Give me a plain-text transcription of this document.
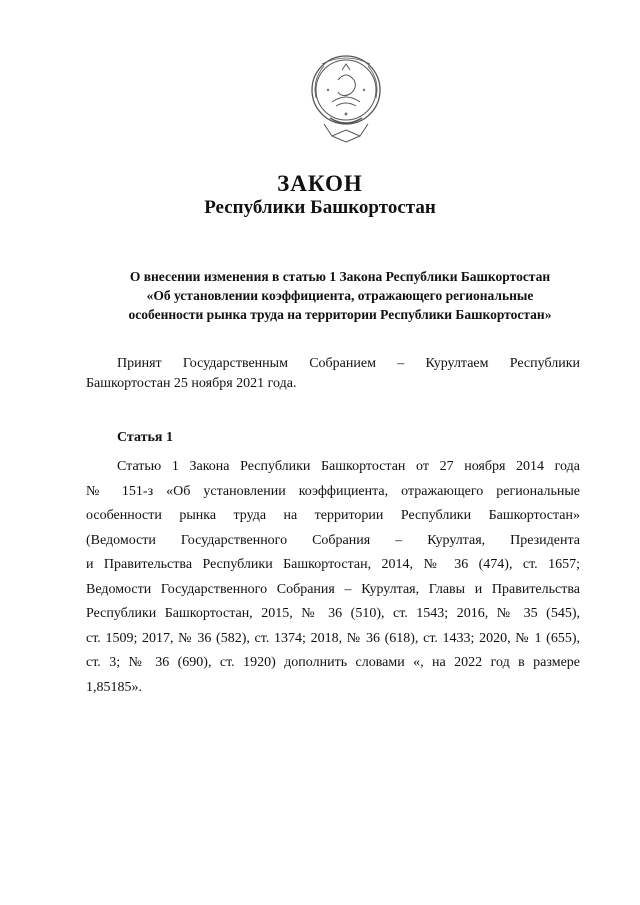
ЗАКОН

Республики Башкортостан

О внесении изменения в статью 1 Закона Республики Башкортостан
«Об установлении коэффициента, отражающего региональные
особенности рынка труда на территории Республики Башкортостан»
Принят Государственным Собранием – Курултаем Республики
Башкортостан 25 ноября 2021 года.

Статья 1

Статью 1 Закона Республики Башкортостан от 27 ноября 2014 года
№ 151-з «Об установлении коэффициента, отражающего региональные
особенности рынка труда на территории Республики Башкортостан»
(Ведомости Государственного Собрания – Курултая, Президента
и Правительства Республики Башкортостан, 2014, № 36 (474), ст. 1657;
Ведомости Государственного Собрания – Курултая, Главы и Правительства
Республики Башкортостан, 2015, № 36 (510), ст. 1543; 2016, № 35 (545),
ст. 1509; 2017, № 36 (582), ст. 1374; 2018, № 36 (618), ст. 1433; 2020, № 1 (655),
ст. 3; № 36 (690), ст. 1920) дополнить словами «, на 2022 год в размере
1,85185».
